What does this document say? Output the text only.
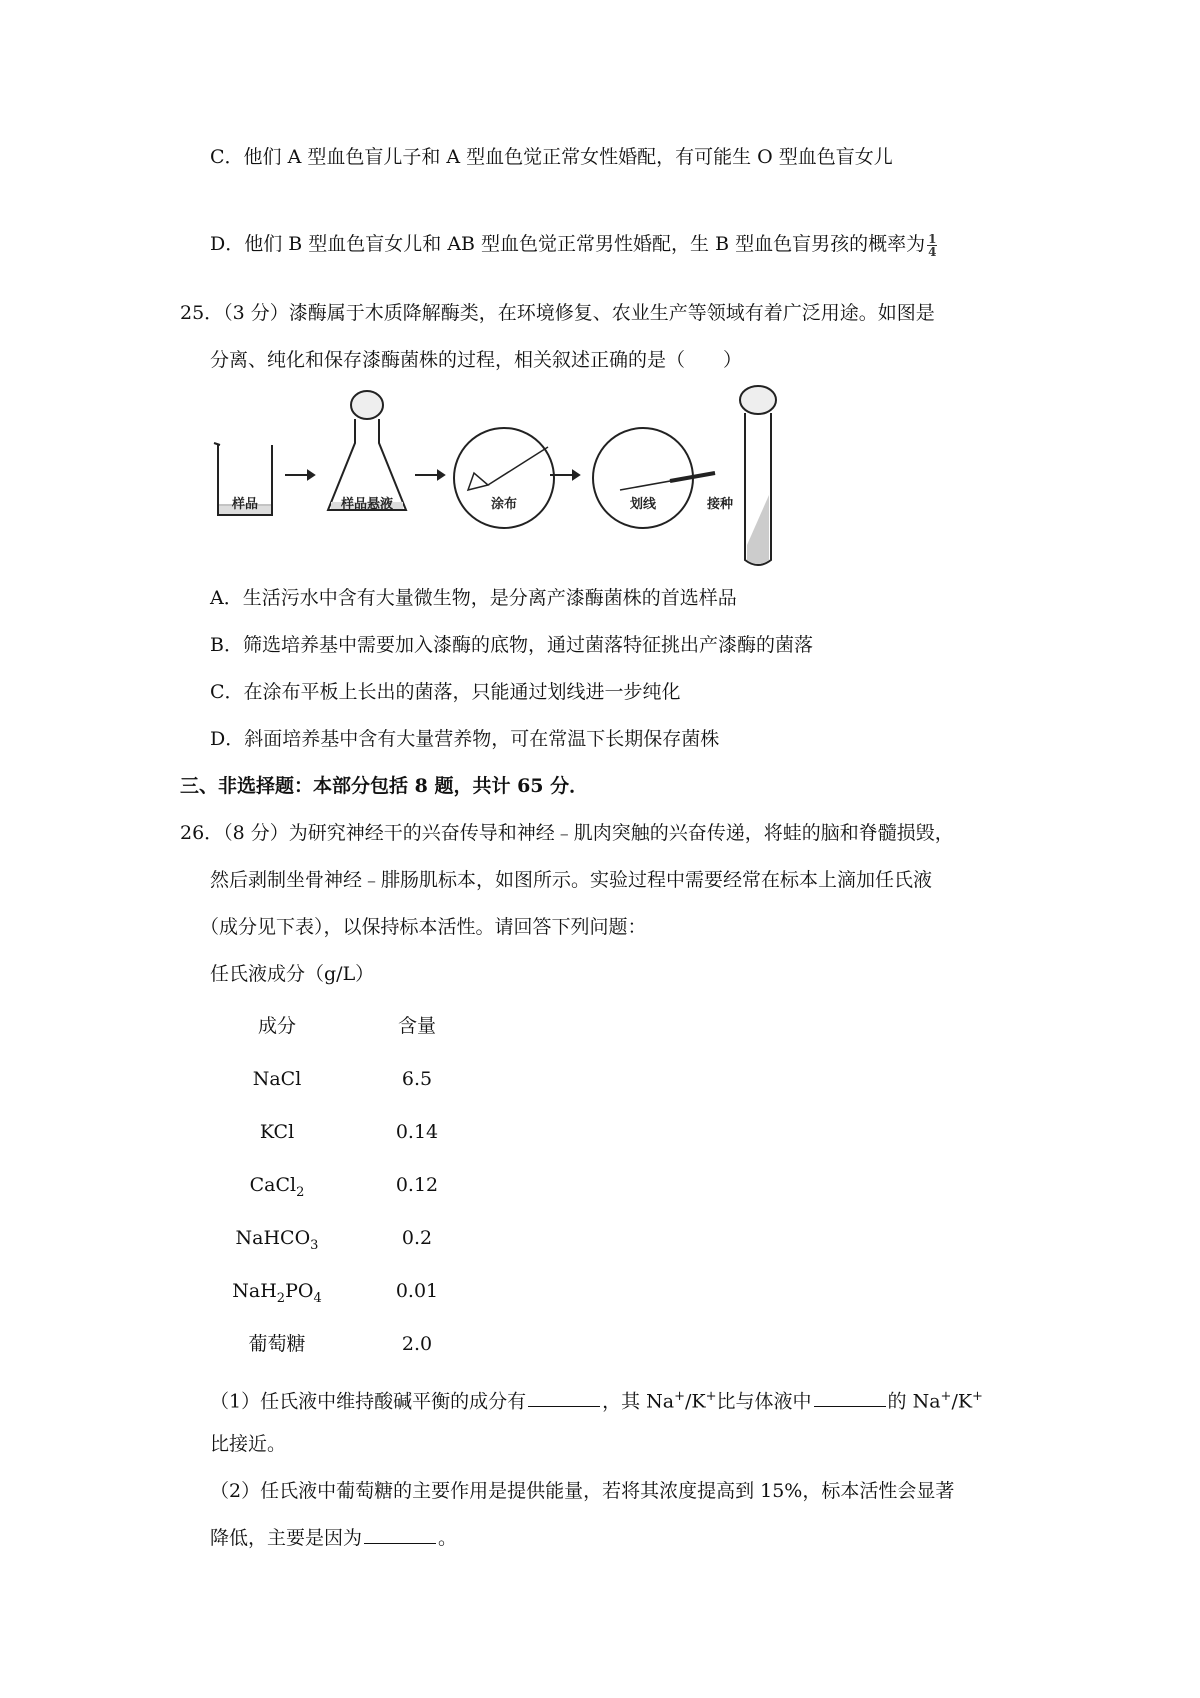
C．他们 A 型血色盲儿子和 A 型血色觉正常女性婚配，有可能生 O 型血色盲女儿
D．他们 B 型血色盲女儿和 AB 型血色觉正常男性婚配，生 B 型血色盲男孩的概率为 $\frac{1}{4}$
25．（3 分）漆酶属于木质降解酶类，在环境修复、农业生产等领域有着广泛用途。如图是
分离、纯化和保存漆酶菌株的过程，相关叙述正确的是（　　）
样品	样品悬液	涂布	划线	接种
A．生活污水中含有大量微生物，是分离产漆酶菌株的首选样品
B．筛选培养基中需要加入漆酶的底物，通过菌落特征挑出产漆酶的菌落
C．在涂布平板上长出的菌落，只能通过划线进一步纯化
D．斜面培养基中含有大量营养物，可在常温下长期保存菌株
三、非选择题：本部分包括 8 题，共计 65 分．
26．（8 分）为研究神经干的兴奋传导和神经﹣肌肉突触的兴奋传递，将蛙的脑和脊髓损毁，
然后剥制坐骨神经﹣腓肠肌标本，如图所示。实验过程中需要经常在标本上滴加任氏液
（成分见下表），以保持标本活性。请回答下列问题：
任氏液成分（g/L）
成分	含量
NaCl	6.5
KCl	0.14
CaCl$_2$	0.12
NaHCO$_3$	0.2
$NaH_2PO_4$	0.01
葡萄糖	2.0
（1）任氏液中维持酸碱平衡的成分有	，其 Na+/K+比与体液中	的 Na+/K+
比接近。
（2）任氏液中葡萄糖的主要作用是提供能量，若将其浓度提高到 15%，标本活性会显著
降低，主要是因为	。
